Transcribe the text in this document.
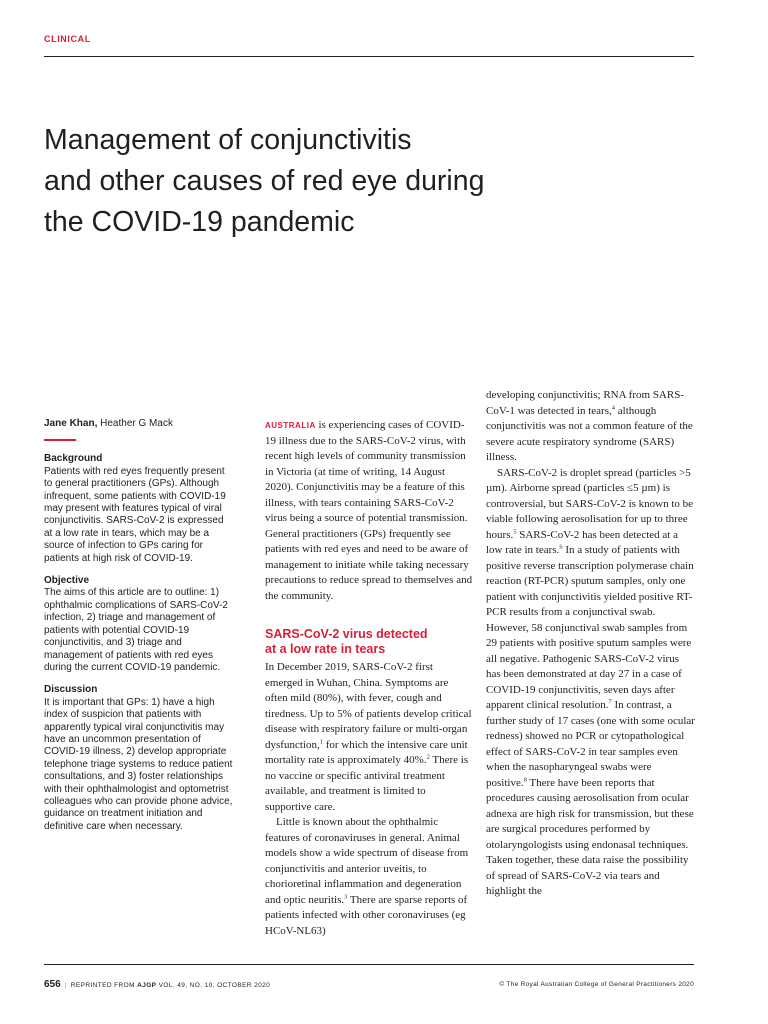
CLINICAL
Management of conjunctivitis
and other causes of red eye during
the COVID-19 pandemic

Jane Khan, Heather G Mack

Background

Patients with red eyes frequently present to general practitioners (GPs). Although infrequent, some patients with COVID-19 may present with features typical of viral conjunctivitis. SARS-CoV-2 is expressed at a low rate in tears, which may be a source of infection to GPs caring for patients at high risk of COVID-19.

Objective

The aims of this article are to outline: 1) ophthalmic complications of SARS-CoV-2 infection, 2) triage and management of patients with potential COVID-19 conjunctivitis, and 3) triage and management of patients with red eyes during the current COVID-19 pandemic.

Discussion

It is important that GPs: 1) have a high index of suspicion that patients with apparently typical viral conjunctivitis may have an uncommon presentation of COVID-19 illness, 2) develop appropriate telephone triage systems to reduce patient consultations, and 3) foster relationships with their ophthalmologist and optometrist colleagues who can provide phone advice, guidance on treatment initiation and definitive care when necessary.

AUSTRALIA is experiencing cases of COVID-19 illness due to the SARS-CoV-2 virus, with recent high levels of community transmission in Victoria (at time of writing, 14 August 2020). Conjunctivitis may be a feature of this illness, with tears containing SARS-CoV-2 virus being a source of potential transmission. General practitioners (GPs) frequently see patients with red eyes and need to be aware of management to initiate while taking necessary precautions to reduce spread to themselves and the community.

SARS-CoV-2 virus detected
at a low rate in tears

In December 2019, SARS-CoV-2 first emerged in Wuhan, China. Symptoms are often mild (80%), with fever, cough and tiredness. Up to 5% of patients develop critical disease with respiratory failure or multi-organ dysfunction,$^1$ for which the intensive care unit mortality rate is approximately 40%.$^2$ There is no vaccine or specific antiviral treatment available, and treatment is limited to supportive care.

Little is known about the ophthalmic features of coronaviruses in general. Animal models show a wide spectrum of disease from conjunctivitis and anterior uveitis, to chorioretinal inflammation and degeneration and optic neuritis.$^3$ There are sparse reports of patients infected with other coronaviruses (eg HCoV-NL63)

developing conjunctivitis; RNA from SARS-CoV-1 was detected in tears,$^4$ although conjunctivitis was not a common feature of the severe acute respiratory syndrome (SARS) illness.

SARS-CoV-2 is droplet spread (particles >5 µm). Airborne spread (particles ≤5 µm) is controversial, but SARS-CoV-2 is known to be viable following aerosolisation for up to three hours.$^5$ SARS-CoV-2 has been detected at a low rate in tears.$^6$ In a study of patients with positive reverse transcription polymerase chain reaction (RT-PCR) sputum samples, only one patient with conjunctivitis yielded positive RT-PCR results from a conjunctival swab. However, 58 conjunctival swab samples from 29 patients with positive sputum samples were all negative. Pathogenic SARS-CoV-2 virus has been demonstrated at day 27 in a case of COVID-19 conjunctivitis, seven days after apparent clinical resolution.$^7$ In contrast, a further study of 17 cases (one with some ocular redness) showed no PCR or cytopathological effect of SARS-CoV-2 in tear samples even when the nasopharyngeal swabs were positive.$^8$ There have been reports that procedures causing aerosolisation from ocular adnexa are high risk for transmission, but these are surgical procedures performed by otolaryngologists using endonasal techniques. Taken together, these data raise the possibility of spread of SARS-CoV-2 via tears and highlight the

656 | REPRINTED FROM AJGP VOL. 49, NO. 10, OCTOBER 2020	© The Royal Australian College of General Practitioners 2020
